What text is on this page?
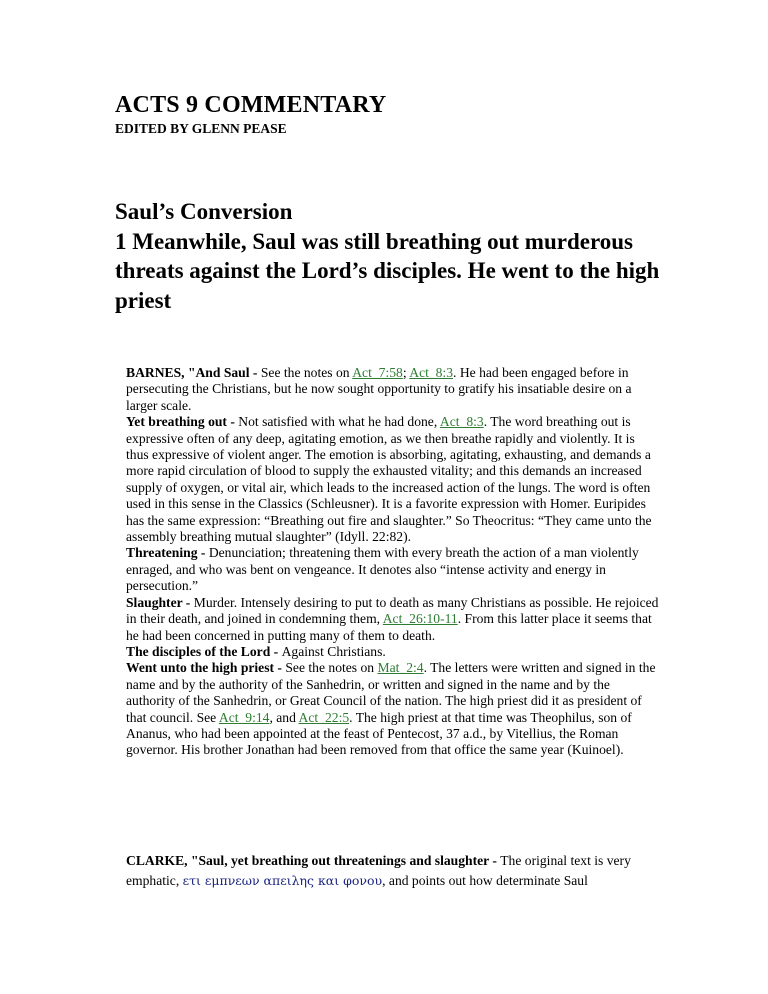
ACTS 9 COMMENTARY
EDITED BY GLENN PEASE
Saul’s Conversion
1 Meanwhile, Saul was still breathing out murderous threats against the Lord’s disciples. He went to the high priest
BARNES, "And Saul - See the notes on Act_7:58; Act_8:3. He had been engaged before in persecuting the Christians, but he now sought opportunity to gratify his insatiable desire on a larger scale.
Yet breathing out - Not satisfied with what he had done, Act_8:3. The word breathing out is expressive often of any deep, agitating emotion, as we then breathe rapidly and violently. It is thus expressive of violent anger. The emotion is absorbing, agitating, exhausting, and demands a more rapid circulation of blood to supply the exhausted vitality; and this demands an increased supply of oxygen, or vital air, which leads to the increased action of the lungs. The word is often used in this sense in the Classics (Schleusner). It is a favorite expression with Homer. Euripides has the same expression: “Breathing out fire and slaughter.” So Theocritus: “They came unto the assembly breathing mutual slaughter” (Idyll. 22:82).
Threatening - Denunciation; threatening them with every breath the action of a man violently enraged, and who was bent on vengeance. It denotes also “intense activity and energy in persecution.”
Slaughter - Murder. Intensely desiring to put to death as many Christians as possible. He rejoiced in their death, and joined in condemning them, Act_26:10-11. From this latter place it seems that he had been concerned in putting many of them to death.
The disciples of the Lord - Against Christians.
Went unto the high priest - See the notes on Mat_2:4. The letters were written and signed in the name and by the authority of the Sanhedrin, or written and signed in the name and by the authority of the Sanhedrin, or Great Council of the nation. The high priest did it as president of that council. See Act_9:14, and Act_22:5. The high priest at that time was Theophilus, son of Ananus, who had been appointed at the feast of Pentecost, 37 a.d., by Vitellius, the Roman governor. His brother Jonathan had been removed from that office the same year (Kuinoel).
CLARKE, "Saul, yet breathing out threatenings and slaughter - The original text is very emphatic, ετι εμπνεων απειλης και φονου, and points out how determinate Saul
